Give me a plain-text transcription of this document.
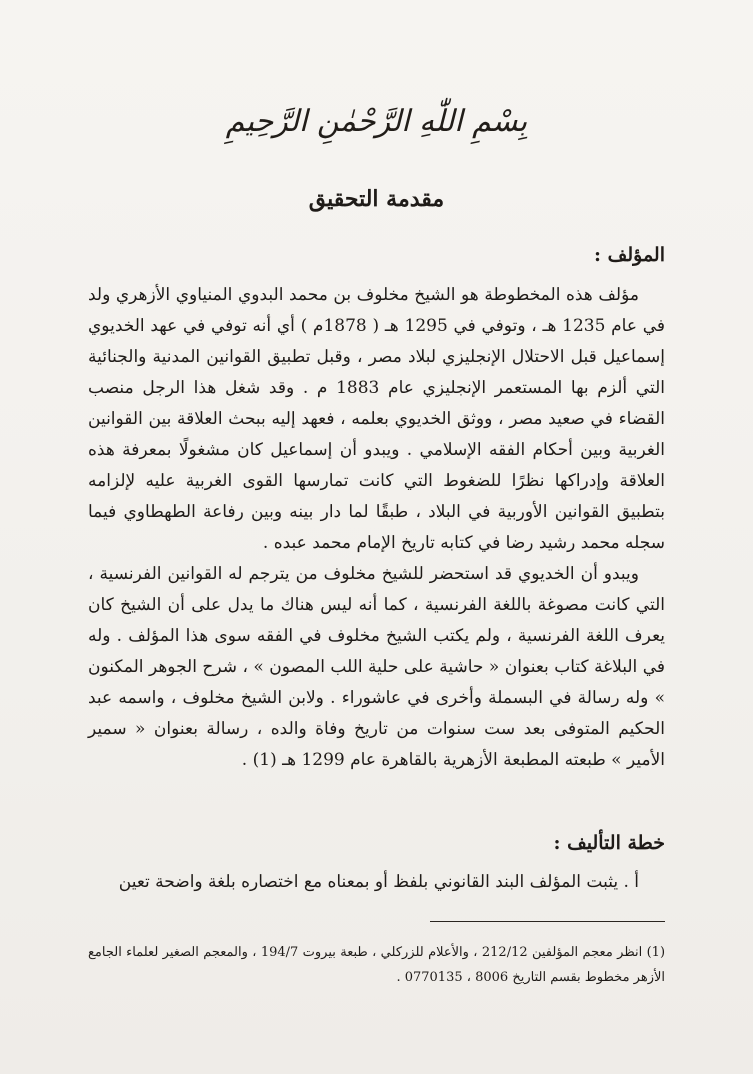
بِسْمِ اللّٰهِ الرَّحْمٰنِ الرَّحِيمِ
مقدمة التحقيق
المؤلف :

مؤلف هذه المخطوطة هو الشيخ مخلوف بن محمد البدوي المنياوي الأزهري ولد في عام 1235 هـ ، وتوفي في 1295 هـ ( 1878م ) أي أنه توفي في عهد الخديوي إسماعيل قبل الاحتلال الإنجليزي لبلاد مصر ، وقبل تطبيق القوانين المدنية والجنائية التي ألزم بها المستعمر الإنجليزي عام 1883 م . وقد شغل هذا الرجل منصب القضاء في صعيد مصر ، ووثق الخديوي بعلمه ، فعهد إليه ببحث العلاقة بين القوانين الغربية وبين أحكام الفقه الإسلامي . ويبدو أن إسماعيل كان مشغولًا بمعرفة هذه العلاقة وإدراكها نظرًا للضغوط التي كانت تمارسها القوى الغربية عليه لإلزامه بتطبيق القوانين الأوربية في البلاد ، طبقًا لما دار بينه وبين رفاعة الطهطاوي فيما سجله محمد رشيد رضا في كتابه تاريخ الإمام محمد عبده .

ويبدو أن الخديوي قد استحضر للشيخ مخلوف من يترجم له القوانين الفرنسية ، التي كانت مصوغة باللغة الفرنسية ، كما أنه ليس هناك ما يدل على أن الشيخ كان يعرف اللغة الفرنسية ، ولم يكتب الشيخ مخلوف في الفقه سوى هذا المؤلف . وله في البلاغة كتاب بعنوان « حاشية على حلية اللب المصون » ، شرح الجوهر المكنون » وله رسالة في البسملة وأخرى في عاشوراء . ولابن الشيخ مخلوف ، واسمه عبد الحكيم المتوفى بعد ست سنوات من تاريخ وفاة والده ، رسالة بعنوان « سمير الأمير » طبعته المطبعة الأزهرية بالقاهرة عام 1299 هـ (1) .

خطة التأليف :

أ . يثبت المؤلف البند القانوني بلفظ أو بمعناه مع اختصاره بلغة واضحة تعين

(1) انظر معجم المؤلفين 212/12 ، والأعلام للزركلي ، طبعة بيروت 194/7 ، والمعجم الصغير لعلماء الجامع الأزهر مخطوط بقسم التاريخ 8006 ، 0770135 .
